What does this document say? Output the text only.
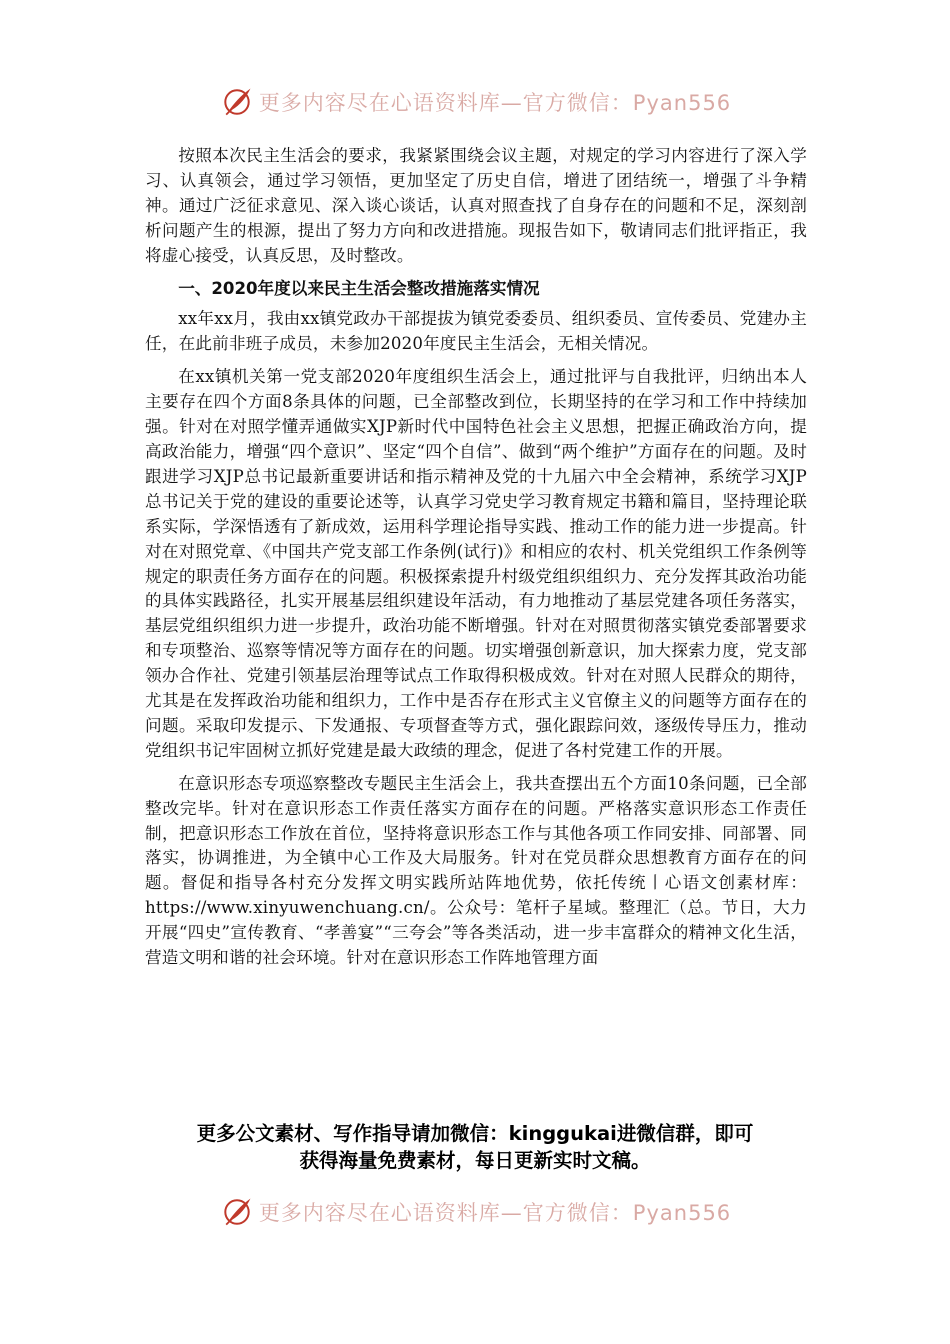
更多内容尽在心语资料库—官方微信：Pyan556

按照本次民主生活会的要求，我紧紧围绕会议主题，对规定的学习内容进行了深入学习、认真领会，通过学习领悟，更加坚定了历史自信，增进了团结统一，增强了斗争精神。通过广泛征求意见、深入谈心谈话，认真对照查找了自身存在的问题和不足，深刻剖析问题产生的根源，提出了努力方向和改进措施。现报告如下，敬请同志们批评指正，我将虚心接受，认真反思，及时整改。

一、2020年度以来民主生活会整改措施落实情况

xx年xx月，我由xx镇党政办干部提拔为镇党委委员、组织委员、宣传委员、党建办主任，在此前非班子成员，未参加2020年度民主生活会，无相关情况。

在xx镇机关第一党支部2020年度组织生活会上，通过批评与自我批评，归纳出本人主要存在四个方面8条具体的问题，已全部整改到位，长期坚持的在学习和工作中持续加强。针对在对照学懂弄通做实XJP新时代中国特色社会主义思想，把握正确政治方向，提高政治能力，增强“四个意识”、坚定“四个自信”、做到“两个维护”方面存在的问题。及时跟进学习XJP总书记最新重要讲话和指示精神及党的十九届六中全会精神，系统学习XJP总书记关于党的建设的重要论述等，认真学习党史学习教育规定书籍和篇目，坚持理论联系实际，学深悟透有了新成效，运用科学理论指导实践、推动工作的能力进一步提高。针对在对照党章、《中国共产党支部工作条例(试行)》和相应的农村、机关党组织工作条例等规定的职责任务方面存在的问题。积极探索提升村级党组织组织力、充分发挥其政治功能的具体实践路径，扎实开展基层组织建设年活动，有力地推动了基层党建各项任务落实，基层党组织组织力进一步提升，政治功能不断增强。针对在对照贯彻落实镇党委部署要求和专项整治、巡察等情况等方面存在的问题。切实增强创新意识，加大探索力度，党支部领办合作社、党建引领基层治理等试点工作取得积极成效。针对在对照人民群众的期待，尤其是在发挥政治功能和组织力，工作中是否存在形式主义官僚主义的问题等方面存在的问题。采取印发提示、下发通报、专项督查等方式，强化跟踪问效，逐级传导压力，推动党组织书记牢固树立抓好党建是最大政绩的理念，促进了各村党建工作的开展。

在意识形态专项巡察整改专题民主生活会上，我共查摆出五个方面10条问题，已全部整改完毕。针对在意识形态工作责任落实方面存在的问题。严格落实意识形态工作责任制，把意识形态工作放在首位，坚持将意识形态工作与其他各项工作同安排、同部署、同落实，协调推进，为全镇中心工作及大局服务。针对在党员群众思想教育方面存在的问题。督促和指导各村充分发挥文明实践所站阵地优势，依托传统丨心语文创素材库：https://www.xinyuwenchuang.cn/。公众号：笔杆子星域。整理汇（总。节日，大力开展“四史”宣传教育、“孝善宴”“三夸会”等各类活动，进一步丰富群众的精神文化生活，营造文明和谐的社会环境。针对在意识形态工作阵地管理方面

更多公文素材、写作指导请加微信：kinggukai进微信群，即可
获得海量免费素材，每日更新实时文稿。
更多内容尽在心语资料库—官方微信：Pyan556
